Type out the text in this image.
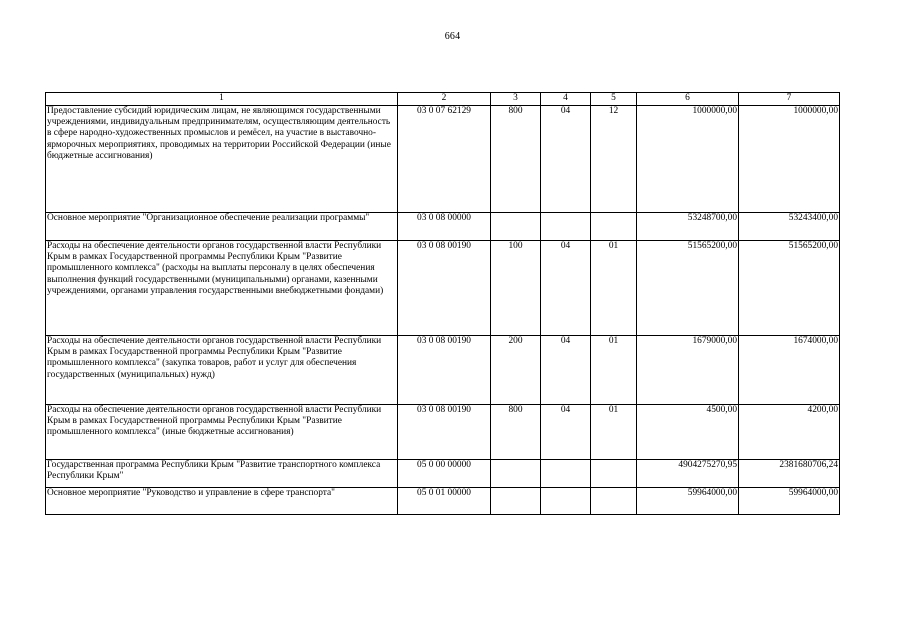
664
1	2	3	4	5	6	7
Предоставление субсидий юридическим лицам, не являющимся государственными учреждениями, индивидуальным предпринимателям, осуществляющим деятельность в сфере народно-художественных промыслов и ремёсел, на участие в выставочно-ярморочных мероприятиях, проводимых на территории Российской Федерации (иные бюджетные ассигнования)	03 0 07 62129	800	04	12	1000000,00	1000000,00
Основное мероприятие "Организационное обеспечение реализации программы"	03 0 08 00000				53248700,00	53243400,00
Расходы на обеспечение деятельности органов государственной власти Республики Крым в рамках Государственной программы Республики Крым "Развитие промышленного комплекса" (расходы на выплаты персоналу в целях обеспечения выполнения функций государственными (муниципальными) органами, казенными учреждениями, органами управления государственными внебюджетными фондами)	03 0 08 00190	100	04	01	51565200,00	51565200,00
Расходы на обеспечение деятельности органов государственной власти Республики Крым в рамках Государственной программы Республики Крым "Развитие промышленного комплекса" (закупка товаров, работ и услуг для обеспечения государственных (муниципальных) нужд)	03 0 08 00190	200	04	01	1679000,00	1674000,00
Расходы на обеспечение деятельности органов государственной власти Республики Крым в рамках Государственной программы Республики Крым "Развитие промышленного комплекса" (иные бюджетные ассигнования)	03 0 08 00190	800	04	01	4500,00	4200,00
Государственная программа Республики Крым "Развитие транспортного комплекса Республики Крым"	05 0 00 00000				4904275270,95	2381680706,24
Основное мероприятие "Руководство и управление в сфере транспорта"	05 0 01 00000				59964000,00	59964000,00
